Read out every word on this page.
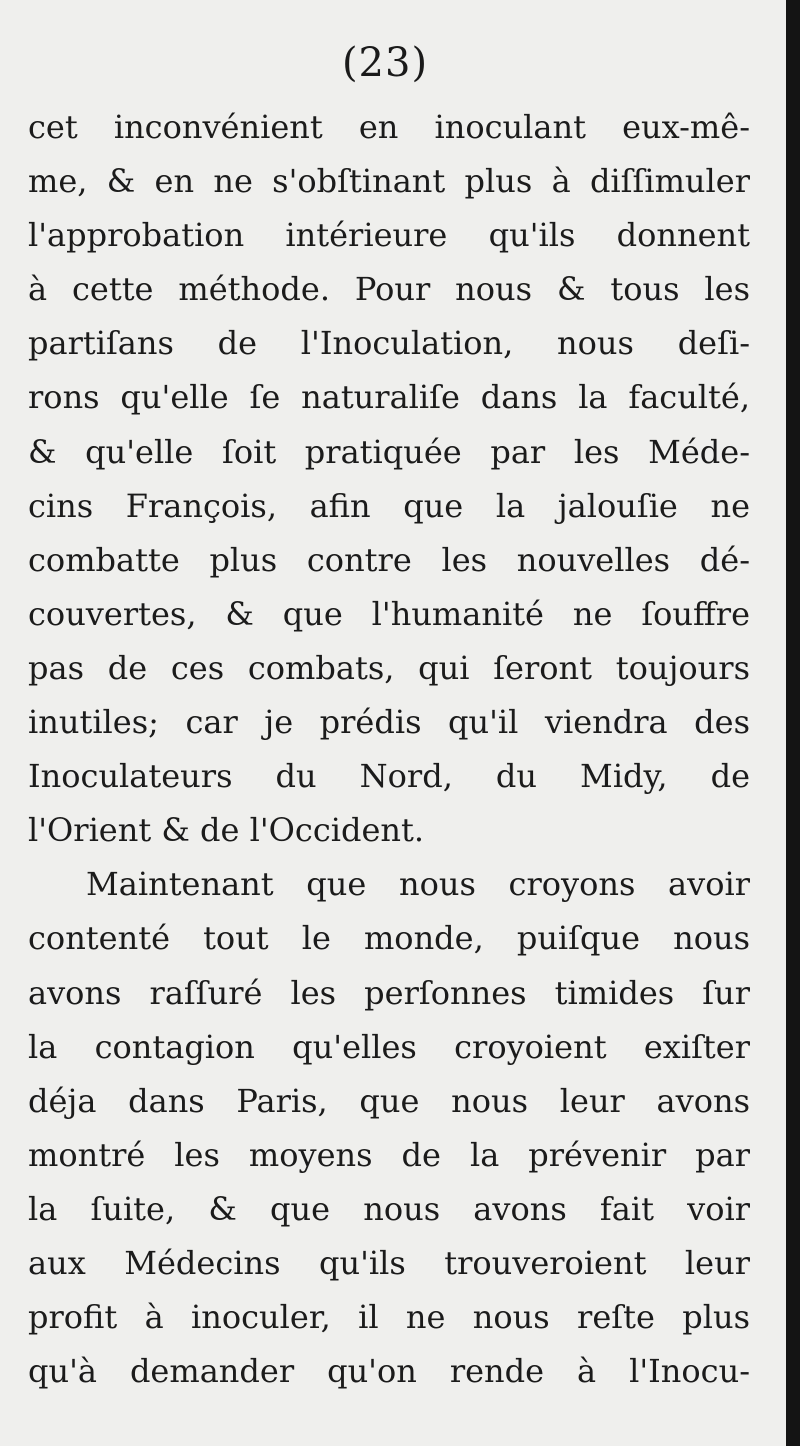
(23)
cet inconvénient en inoculant eux-mê-
me, & en ne s'obſtinant plus à diſſimuler
l'approbation intérieure qu'ils donnent
à cette méthode. Pour nous & tous les
partiſans de l'Inoculation, nous deſi-
rons qu'elle ſe naturaliſe dans la faculté,
& qu'elle ſoit pratiquée par les Méde-
cins François, afin que la jalouſie ne
combatte plus contre les nouvelles dé-
couvertes, & que l'humanité ne ſouffre
pas de ces combats, qui ſeront toujours
inutiles; car je prédis qu'il viendra des
Inoculateurs du Nord, du Midy, de
l'Orient & de l'Occident.
Maintenant que nous croyons avoir
contenté tout le monde, puiſque nous
avons raſſuré les perſonnes timides ſur
la contagion qu'elles croyoient exiſter
déja dans Paris, que nous leur avons
montré les moyens de la prévenir par
la ſuite, & que nous avons fait voir
aux Médecins qu'ils trouveroient leur
profit à inoculer, il ne nous reſte plus
qu'à demander qu'on rende à l'Inocu-
